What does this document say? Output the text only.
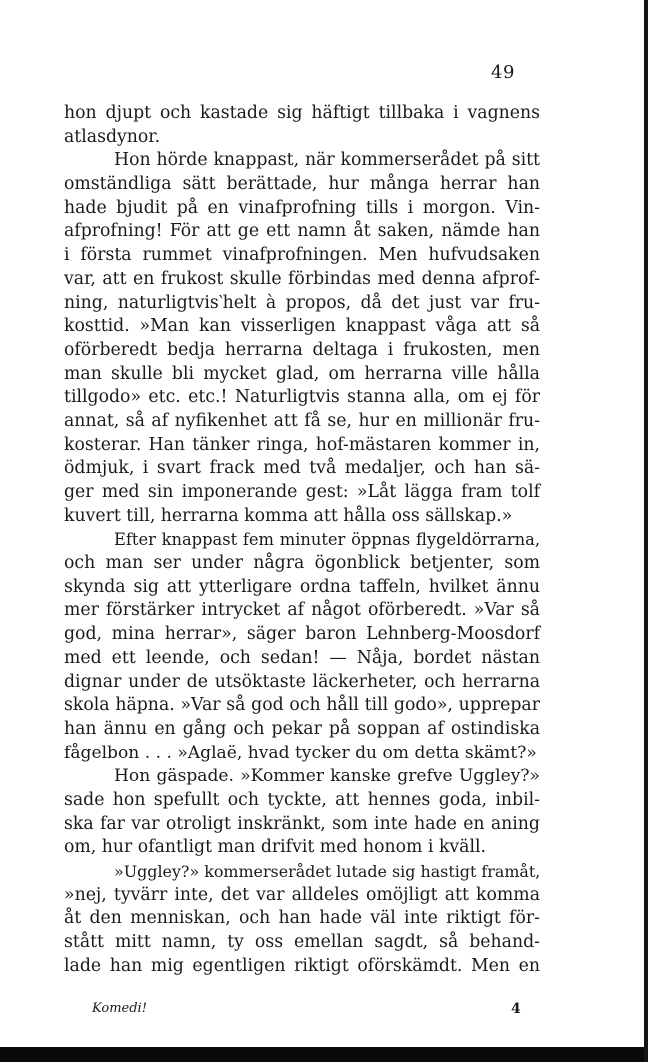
49
hon djupt och kastade sig häftigt tillbaka i vagnens
atlasdynor.
Hon hörde knappast, när kommerserådet på sitt
omständliga sätt berättade, hur många herrar han
hade bjudit på en vinafprofning tills i morgon. Vin-
afprofning! För att ge ett namn åt saken, nämde han
i första rummet vinafprofningen. Men hufvudsaken
var, att en frukost skulle förbindas med denna afprof-
ning, naturligtvis‵helt à propos, då det just var fru-
kosttid. »Man kan visserligen knappast våga att så
oförberedt bedja herrarna deltaga i frukosten, men
man skulle bli mycket glad, om herrarna ville hålla
tillgodo» etc. etc.! Naturligtvis stanna alla, om ej för
annat, så af nyfikenhet att få se, hur en millionär fru-
kosterar. Han tänker ringa, hof-mästaren kommer in,
ödmjuk, i svart frack med två medaljer, och han sä-
ger med sin imponerande gest: »Låt lägga fram tolf
kuvert till, herrarna komma att hålla oss sällskap.»
Efter knappast fem minuter öppnas flygeldörrarna,
och man ser under några ögonblick betjenter, som
skynda sig att ytterligare ordna taffeln, hvilket ännu
mer förstärker intrycket af något oförberedt. »Var så
god, mina herrar», säger baron Lehnberg-Moosdorf
med ett leende, och sedan! — Nåja, bordet nästan
dignar under de utsöktaste läckerheter, och herrarna
skola häpna. »Var så god och håll till godo», upprepar
han ännu en gång och pekar på soppan af ostindiska
fågelbon . . . »Aglaë, hvad tycker du om detta skämt?»
Hon gäspade. »Kommer kanske grefve Uggley?»
sade hon spefullt och tyckte, att hennes goda, inbil-
ska far var otroligt inskränkt, som inte hade en aning
om, hur ofantligt man drifvit med honom i kväll.
»Uggley?» kommerserådet lutade sig hastigt framåt,
»nej, tyvärr inte, det var alldeles omöjligt att komma
åt den menniskan, och han hade väl inte riktigt för-
stått mitt namn, ty oss emellan sagdt, så behand-
lade han mig egentligen riktigt oförskämdt. Men en
Komedi!	4
